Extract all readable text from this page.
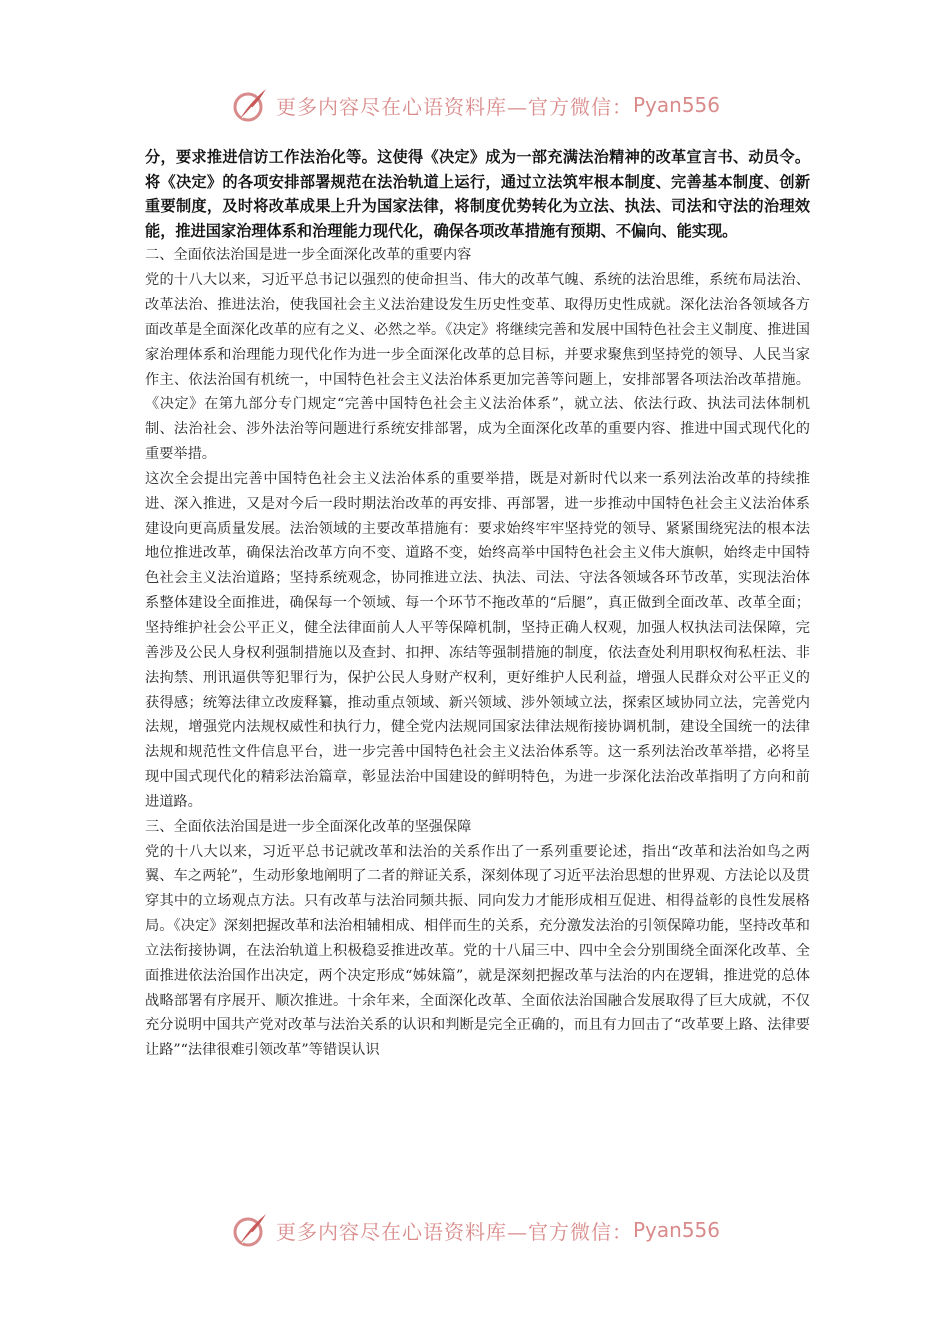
更多内容尽在心语资料库—官方微信： Pyan556

分，要求推进信访工作法治化等。这使得《决定》成为一部充满法治精神的改革宣言书、动员令。将《决定》的各项安排部署规范在法治轨道上运行，通过立法筑牢根本制度、完善基本制度、创新重要制度，及时将改革成果上升为国家法律，将制度优势转化为立法、执法、司法和守法的治理效能，推进国家治理体系和治理能力现代化，确保各项改革措施有预期、不偏向、能实现。

二、全面依法治国是进一步全面深化改革的重要内容

党的十八大以来，习近平总书记以强烈的使命担当、伟大的改革气魄、系统的法治思维，系统布局法治、改革法治、推进法治，使我国社会主义法治建设发生历史性变革、取得历史性成就。深化法治各领域各方面改革是全面深化改革的应有之义、必然之举。《决定》将继续完善和发展中国特色社会主义制度、推进国家治理体系和治理能力现代化作为进一步全面深化改革的总目标，并要求聚焦到坚持党的领导、人民当家作主、依法治国有机统一，中国特色社会主义法治体系更加完善等问题上，安排部署各项法治改革措施。《决定》在第九部分专门规定“完善中国特色社会主义法治体系”，就立法、依法行政、执法司法体制机制、法治社会、涉外法治等问题进行系统安排部署，成为全面深化改革的重要内容、推进中国式现代化的重要举措。

这次全会提出完善中国特色社会主义法治体系的重要举措，既是对新时代以来一系列法治改革的持续推进、深入推进，又是对今后一段时期法治改革的再安排、再部署，进一步推动中国特色社会主义法治体系建设向更高质量发展。法治领域的主要改革措施有：要求始终牢牢坚持党的领导、紧紧围绕宪法的根本法地位推进改革，确保法治改革方向不变、道路不变，始终高举中国特色社会主义伟大旗帜，始终走中国特色社会主义法治道路；坚持系统观念，协同推进立法、执法、司法、守法各领域各环节改革，实现法治体系整体建设全面推进，确保每一个领域、每一个环节不拖改革的“后腿”，真正做到全面改革、改革全面；坚持维护社会公平正义，健全法律面前人人平等保障机制，坚持正确人权观，加强人权执法司法保障，完善涉及公民人身权利强制措施以及查封、扣押、冻结等强制措施的制度，依法查处利用职权徇私枉法、非法拘禁、刑讯逼供等犯罪行为，保护公民人身财产权利，更好维护人民利益，增强人民群众对公平正义的获得感；统筹法律立改废释纂，推动重点领域、新兴领域、涉外领域立法，探索区域协同立法，完善党内法规，增强党内法规权威性和执行力，健全党内法规同国家法律法规衔接协调机制，建设全国统一的法律法规和规范性文件信息平台，进一步完善中国特色社会主义法治体系等。这一系列法治改革举措，必将呈现中国式现代化的精彩法治篇章，彰显法治中国建设的鲜明特色，为进一步深化法治改革指明了方向和前进道路。

三、全面依法治国是进一步全面深化改革的坚强保障

党的十八大以来，习近平总书记就改革和法治的关系作出了一系列重要论述，指出“改革和法治如鸟之两翼、车之两轮”，生动形象地阐明了二者的辩证关系，深刻体现了习近平法治思想的世界观、方法论以及贯穿其中的立场观点方法。只有改革与法治同频共振、同向发力才能形成相互促进、相得益彰的良性发展格局。《决定》深刻把握改革和法治相辅相成、相伴而生的关系，充分激发法治的引领保障功能，坚持改革和立法衔接协调，在法治轨道上积极稳妥推进改革。党的十八届三中、四中全会分别围绕全面深化改革、全面推进依法治国作出决定，两个决定形成“姊妹篇”，就是深刻把握改革与法治的内在逻辑，推进党的总体战略部署有序展开、顺次推进。十余年来，全面深化改革、全面依法治国融合发展取得了巨大成就，不仅充分说明中国共产党对改革与法治关系的认识和判断是完全正确的，而且有力回击了“改革要上路、法律要让路”“法律很难引领改革”等错误认识

更多内容尽在心语资料库—官方微信： Pyan556
